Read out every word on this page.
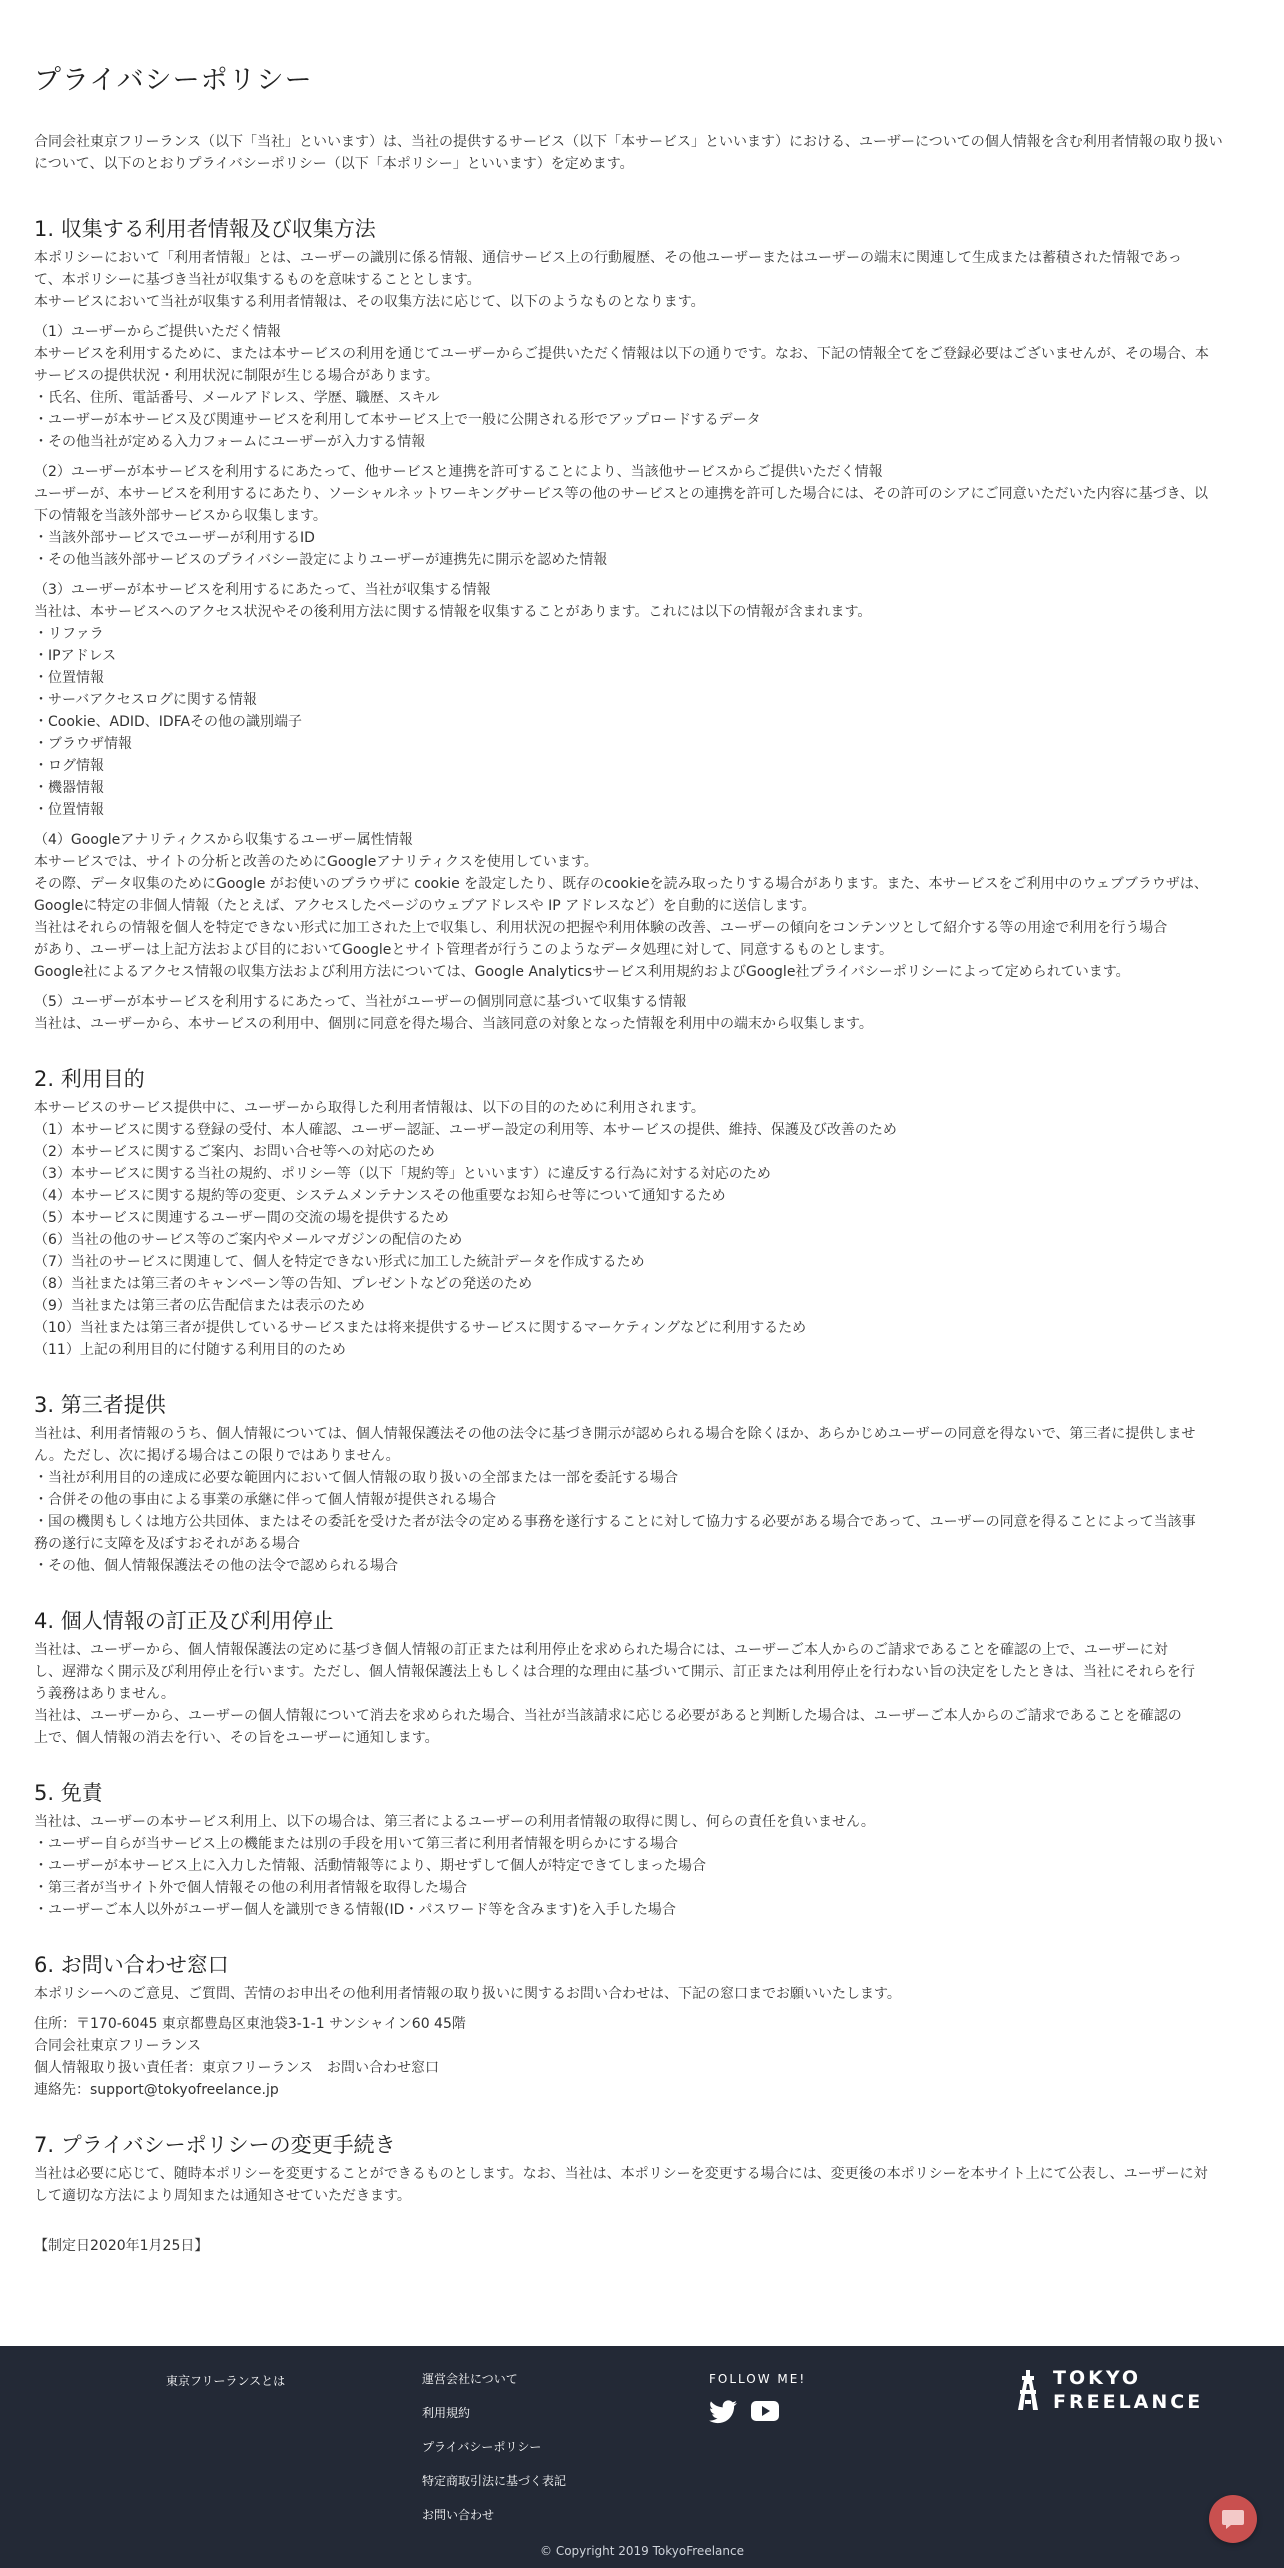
プライバシーポリシー

合同会社東京フリーランス（以下「当社」といいます）は、当社の提供するサービス（以下「本サービス」といいます）における、ユーザーについての個人情報を含む利用者情報の取り扱い
について、以下のとおりプライバシーポリシー（以下「本ポリシー」といいます）を定めます。

1. 収集する利用者情報及び収集方法

本ポリシーにおいて「利用者情報」とは、ユーザーの識別に係る情報、通信サービス上の行動履歴、その他ユーザーまたはユーザーの端末に関連して生成または蓄積された情報であっ
て、本ポリシーに基づき当社が収集するものを意味することとします。
本サービスにおいて当社が収集する利用者情報は、その収集方法に応じて、以下のようなものとなります。

（1）ユーザーからご提供いただく情報
本サービスを利用するために、または本サービスの利用を通じてユーザーからご提供いただく情報は以下の通りです。なお、下記の情報全てをご登録必要はございませんが、その場合、本
サービスの提供状況・利用状況に制限が生じる場合があります。
・氏名、住所、電話番号、メールアドレス、学歴、職歴、スキル
・ユーザーが本サービス及び関連サービスを利用して本サービス上で一般に公開される形でアップロードするデータ
・その他当社が定める入力フォームにユーザーが入力する情報

（2）ユーザーが本サービスを利用するにあたって、他サービスと連携を許可することにより、当該他サービスからご提供いただく情報
ユーザーが、本サービスを利用するにあたり、ソーシャルネットワーキングサービス等の他のサービスとの連携を許可した場合には、その許可のシアにご同意いただいた内容に基づき、以
下の情報を当該外部サービスから収集します。
・当該外部サービスでユーザーが利用するID
・その他当該外部サービスのプライバシー設定によりユーザーが連携先に開示を認めた情報

（3）ユーザーが本サービスを利用するにあたって、当社が収集する情報
当社は、本サービスへのアクセス状況やその後利用方法に関する情報を収集することがあります。これには以下の情報が含まれます。
・リファラ
・IPアドレス
・位置情報
・サーバアクセスログに関する情報
・Cookie、ADID、IDFAその他の識別端子
・ブラウザ情報
・ログ情報
・機器情報
・位置情報

（4）Googleアナリティクスから収集するユーザー属性情報
本サービスでは、サイトの分析と改善のためにGoogleアナリティクスを使用しています。
その際、データ収集のためにGoogle がお使いのブラウザに cookie を設定したり、既存のcookieを読み取ったりする場合があります。また、本サービスをご利用中のウェブブラウザは、
Googleに特定の非個人情報（たとえば、アクセスしたページのウェブアドレスや IP アドレスなど）を自動的に送信します。
当社はそれらの情報を個人を特定できない形式に加工された上で収集し、利用状況の把握や利用体験の改善、ユーザーの傾向をコンテンツとして紹介する等の用途で利用を行う場合
があり、ユーザーは上記方法および目的においてGoogleとサイト管理者が行うこのようなデータ処理に対して、同意するものとします。
Google社によるアクセス情報の収集方法および利用方法については、Google Analyticsサービス利用規約およびGoogle社プライバシーポリシーによって定められています。

（5）ユーザーが本サービスを利用するにあたって、当社がユーザーの個別同意に基づいて収集する情報
当社は、ユーザーから、本サービスの利用中、個別に同意を得た場合、当該同意の対象となった情報を利用中の端末から収集します。

2. 利用目的

本サービスのサービス提供中に、ユーザーから取得した利用者情報は、以下の目的のために利用されます。
（1）本サービスに関する登録の受付、本人確認、ユーザー認証、ユーザー設定の利用等、本サービスの提供、維持、保護及び改善のため
（2）本サービスに関するご案内、お問い合せ等への対応のため
（3）本サービスに関する当社の規約、ポリシー等（以下「規約等」といいます）に違反する行為に対する対応のため
（4）本サービスに関する規約等の変更、システムメンテナンスその他重要なお知らせ等について通知するため
（5）本サービスに関連するユーザー間の交流の場を提供するため
（6）当社の他のサービス等のご案内やメールマガジンの配信のため
（7）当社のサービスに関連して、個人を特定できない形式に加工した統計データを作成するため
（8）当社または第三者のキャンペーン等の告知、プレゼントなどの発送のため
（9）当社または第三者の広告配信または表示のため
（10）当社または第三者が提供しているサービスまたは将来提供するサービスに関するマーケティングなどに利用するため
（11）上記の利用目的に付随する利用目的のため

3. 第三者提供

当社は、利用者情報のうち、個人情報については、個人情報保護法その他の法令に基づき開示が認められる場合を除くほか、あらかじめユーザーの同意を得ないで、第三者に提供しませ
ん。ただし、次に掲げる場合はこの限りではありません。
・当社が利用目的の達成に必要な範囲内において個人情報の取り扱いの全部または一部を委託する場合
・合併その他の事由による事業の承継に伴って個人情報が提供される場合
・国の機関もしくは地方公共団体、またはその委託を受けた者が法令の定める事務を遂行することに対して協力する必要がある場合であって、ユーザーの同意を得ることによって当該事
務の遂行に支障を及ぼすおそれがある場合
・その他、個人情報保護法その他の法令で認められる場合

4. 個人情報の訂正及び利用停止

当社は、ユーザーから、個人情報保護法の定めに基づき個人情報の訂正または利用停止を求められた場合には、ユーザーご本人からのご請求であることを確認の上で、ユーザーに対
し、遅滞なく開示及び利用停止を行います。ただし、個人情報保護法上もしくは合理的な理由に基づいて開示、訂正または利用停止を行わない旨の決定をしたときは、当社にそれらを行
う義務はありません。
当社は、ユーザーから、ユーザーの個人情報について消去を求められた場合、当社が当該請求に応じる必要があると判断した場合は、ユーザーご本人からのご請求であることを確認の
上で、個人情報の消去を行い、その旨をユーザーに通知します。

5. 免責

当社は、ユーザーの本サービス利用上、以下の場合は、第三者によるユーザーの利用者情報の取得に関し、何らの責任を負いません。
・ユーザー自らが当サービス上の機能または別の手段を用いて第三者に利用者情報を明らかにする場合
・ユーザーが本サービス上に入力した情報、活動情報等により、期せずして個人が特定できてしまった場合
・第三者が当サイト外で個人情報その他の利用者情報を取得した場合
・ユーザーご本人以外がユーザー個人を識別できる情報(ID・パスワード等を含みます)を入手した場合

6. お問い合わせ窓口

本ポリシーへのご意見、ご質問、苦情のお申出その他利用者情報の取り扱いに関するお問い合わせは、下記の窓口までお願いいたします。

住所：〒170-6045 東京都豊島区東池袋3-1-1 サンシャイン60 45階
合同会社東京フリーランス
個人情報取り扱い責任者：東京フリーランス　お問い合わせ窓口
連絡先：support@tokyofreelance.jp

7. プライバシーポリシーの変更手続き

当社は必要に応じて、随時本ポリシーを変更することができるものとします。なお、当社は、本ポリシーを変更する場合には、変更後の本ポリシーを本サイト上にて公表し、ユーザーに対
して適切な方法により周知または通知させていただきます。

【制定日2020年1月25日】

東京フリーランスとは	運営会社について
利用規約
プライバシーポリシー
特定商取引法に基づく表記
お問い合わせ
FOLLOW ME!	TOKYO
FREELANCE
© Copyright 2019 TokyoFreelance
